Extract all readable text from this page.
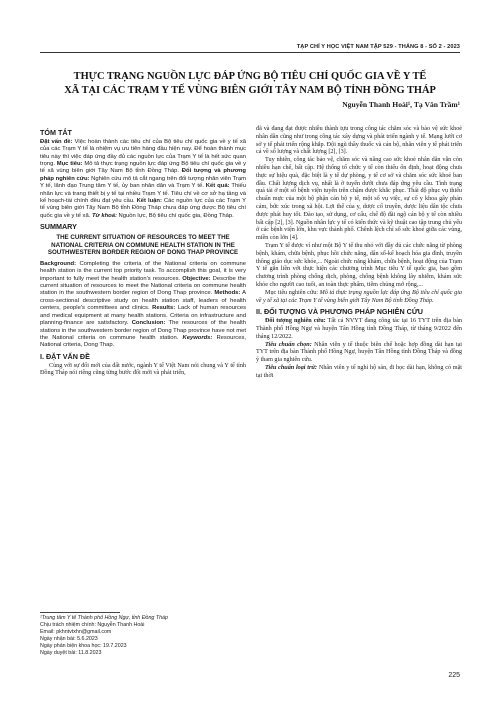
TẠP CHÍ Y HỌC VIỆT NAM TẬP 529 - THÁNG 8 - SỐ 2 - 2023
THỰC TRẠNG NGUỒN LỰC ĐÁP ỨNG BỘ TIÊU CHÍ QUỐC GIA VỀ Y TẾ
XÃ TẠI CÁC TRẠM Y TẾ VÙNG BIÊN GIỚI TÂY NAM BỘ TỈNH ĐỒNG THÁP
Nguyễn Thanh Hoài¹, Tạ Văn Trầm¹
TÓM TẮT
Đặt vấn đề: Việc hoàn thành các tiêu chí của Bộ tiêu chí quốc gia về y tế xã của các Trạm Y tế là nhiệm vụ ưu tiên hàng đầu hiện nay. Để hoàn thành mục tiêu này thì việc đáp ứng đầy đủ các nguồn lực của Trạm Y tế là hết sức quan trọng. Mục tiêu: Mô tả thực trạng nguồn lực đáp ứng Bộ tiêu chí quốc gia về y tế xã vùng biên giới Tây Nam Bộ tỉnh Đồng Tháp. Đối tượng và phương pháp nghiên cứu: Nghiên cứu mô tả cắt ngang trên đối tượng nhân viên Trạm Y tế, lãnh đạo Trung tâm Y tế, ủy ban nhân dân và Trạm Y tế. Kết quả: Thiếu nhân lực và trang thiết bị y tế tại nhiều Trạm Y tế. Tiêu chí về cơ sở hạ tầng và kế hoạch-tài chính đều đạt yêu cầu. Kết luận: Các nguồn lực của các Trạm Y tế vùng biên giới Tây Nam Bộ tỉnh Đồng Tháp chưa đáp ứng được Bộ tiêu chí quốc gia về y tế xã. Từ khoá: Nguồn lực, Bộ tiêu chí quốc gia, Đồng Tháp.
SUMMARY
THE CURRENT SITUATION OF RESOURCES TO MEET THE NATIONAL CRITERIA ON COMMUNE HEALTH STATION IN THE SOUTHWESTERN BORDER REGION OF DONG THAP PROVINCE
Background: Completing the criteria of the National criteria on commune health station is the current top priority task. To accomplish this goal, it is very important to fully meet the health station's resources. Objective: Describe the current situation of resources to meet the National criteria on commune health station in the southwestern border region of Dong Thap province. Methods: A cross-sectional descriptive study on health station staff, leaders of health centers, people's committees and clinics. Results: Lack of human resources and medical equipment at many health stations. Criteria on infrastructure and planning-finance are satisfactory. Conclusion: The resources of the health stations in the southwestern border region of Dong Thap province have not met the National criteria on commune health station. Keywords: Resources, National criteria, Dong Thap.
I. ĐẶT VẤN ĐỀ

Cùng với sự đổi mới của đất nước, ngành Y tế Việt Nam nói chung và Y tế tỉnh Đồng Tháp nói riêng cũng từng bước đổi mới và phát triển,

¹Trung tâm Y tế Thành phố Hồng Ngự, tỉnh Đồng Tháp
Chịu trách nhiệm chính: Nguyễn Thanh Hoài
Email: pkhntvtxhn@gmail.com
Ngày nhận bài: 5.6.2023
Ngày phản biện khoa học: 19.7.2023
Ngày duyệt bài: 11.8.2023

đã và đang đạt được nhiều thành tựu trong công tác chăm sóc và bảo vệ sức khoẻ nhân dân cũng như trong công tác xây dựng và phát triển ngành y tế. Mạng lưới cơ sở y tế phát triển rộng khắp. Đội ngũ thầy thuốc và cán bộ, nhân viên y tế phát triển cả về số lượng và chất lượng [2], [3].

Tuy nhiên, công tác bảo vệ, chăm sóc và nâng cao sức khoẻ nhân dân vẫn còn nhiều hạn chế, bất cập. Hệ thống tổ chức y tế còn thiếu ổn định, hoạt động chưa thực sự hiệu quả, đặc biệt là y tế dự phòng, y tế cơ sở và chăm sóc sức khoẻ ban đầu. Chất lượng dịch vụ, nhất là ở tuyến dưới chưa đáp ứng yêu cầu. Tình trạng quá tải ở một số bệnh viện tuyến trên chậm được khắc phục. Thái độ phục vụ thiếu chuẩn mực của một bộ phận cán bộ y tế, một số vụ việc, sự cố y khoa gây phản cảm, bức xúc trong xã hội. Lợi thế của y, dược cổ truyền, dược liệu dân tộc chưa được phát huy tốt. Đào tạo, sử dụng, cơ cấu, chế độ đãi ngộ cán bộ y tế còn nhiều bất cập [2], [3]. Nguồn nhân lực y tế có kiến thức và kỹ thuật cao tập trung chủ yếu ở các bệnh viện lớn, khu vực thành phố. Chênh lệch chỉ số sức khoẻ giữa các vùng, miền còn lớn [4].

Trạm Y tế được ví như một Bộ Y tế thu nhỏ với đầy đủ các chức năng từ phòng bệnh, khám, chữa bệnh, phục hồi chức năng, dân số-kế hoạch hóa gia đình, truyền thông giáo dục sức khỏe,... Ngoài chức năng khám, chữa bệnh, hoạt động của Trạm Y tế gắn liền với thực hiện các chương trình Mục tiêu Y tế quốc gia, bao gồm chương trình phòng chống dịch, phòng, chống bệnh không lây nhiễm, khám sức khỏe cho người cao tuổi, an toàn thực phẩm, tiêm chủng mở rộng,...

Mục tiêu nghiên cứu: Mô tả thực trạng nguồn lực đáp ứng Bộ tiêu chí quốc gia về y tế xã tại các Trạm Y tế vùng biên giới Tây Nam Bộ tỉnh Đồng Tháp.

II. ĐỐI TƯỢNG VÀ PHƯƠNG PHÁP NGHIÊN CỨU

Đối tượng nghiên cứu: Tất cả NVYT đang công tác tại 16 TYT trên địa bàn Thành phố Hồng Ngự và huyện Tân Hồng tỉnh Đồng Tháp, từ tháng 9/2022 đến tháng 12/2022.

Tiêu chuẩn chọn: Nhân viên y tế thuộc biên chế hoặc hợp đồng dài hạn tại TYT trên địa bàn Thành phố Hồng Ngự, huyện Tân Hồng tỉnh Đồng Tháp và đồng ý tham gia nghiên cứu.

Tiêu chuẩn loại trừ: Nhân viên y tế nghỉ hộ sản, đi học dài hạn, không có mặt tại thời

225
